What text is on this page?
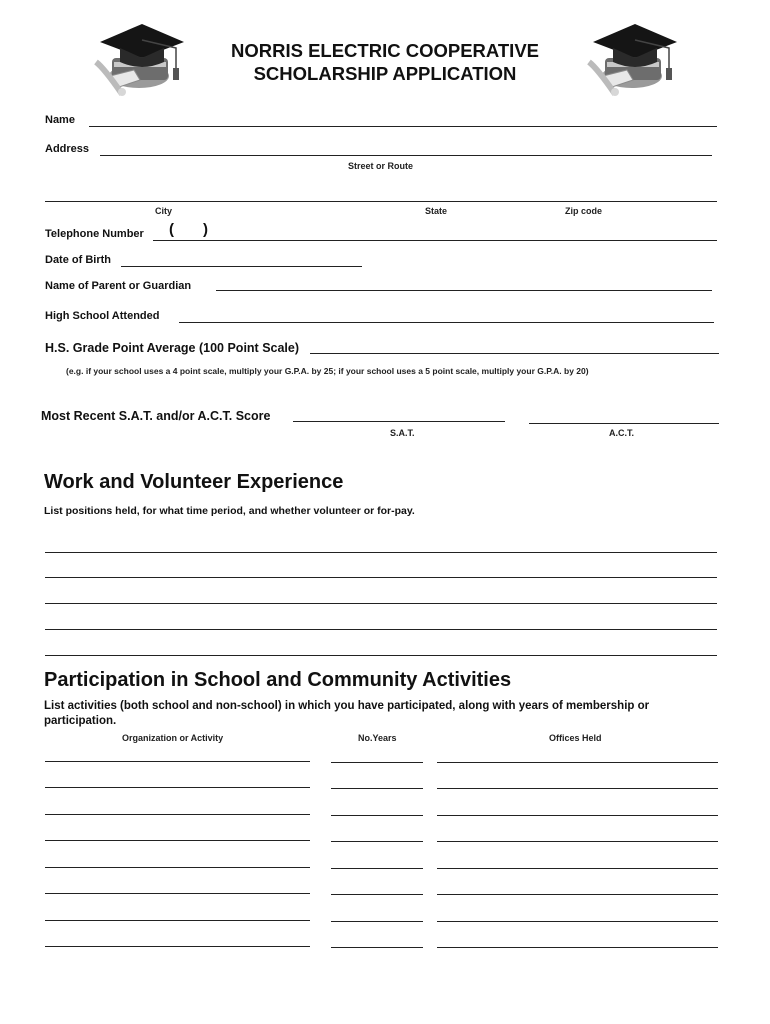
NORRIS ELECTRIC COOPERATIVE
SCHOLARSHIP APPLICATION
Name
Address
Street or Route
City	State	Zip code
Telephone Number ( )
Date of Birth
Name of Parent or Guardian
High School Attended
H.S. Grade Point Average (100 Point Scale)
(e.g. if your school uses a 4 point scale, multiply your G.P.A. by 25; if your school uses a 5 point scale, multiply your G.P.A. by 20)
Most Recent S.A.T. and/or A.C.T. Score
S.A.T.	A.C.T.
Work and Volunteer Experience
List positions held, for what time period, and whether volunteer or for-pay.
Participation in School and Community Activities
List activities (both school and non-school) in which you have participated, along with years of membership or participation.
Organization or Activity	No.Years	Offices Held
